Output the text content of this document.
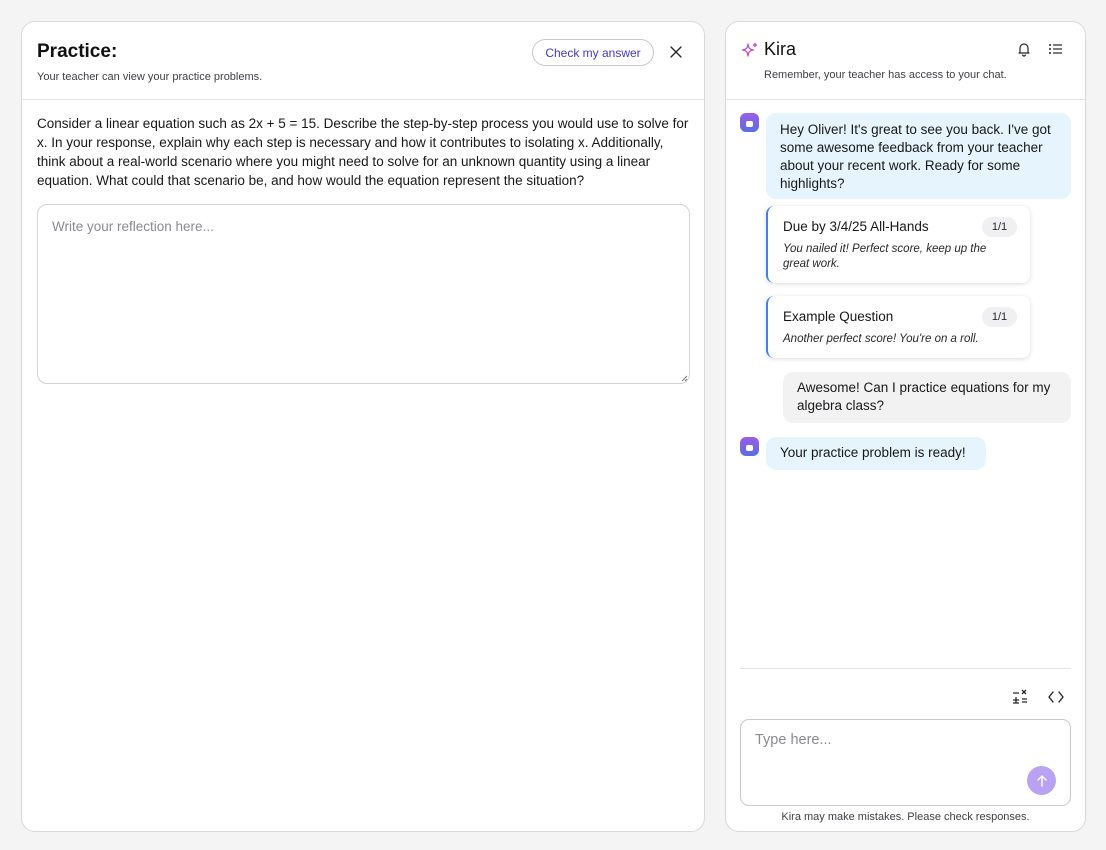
Practice:
Your teacher can view your practice problems.
Check my answer
Consider a linear equation such as 2x + 5 = 15. Describe the step-by-step process you would use to solve for x. In your response, explain why each step is necessary and how it contributes to isolating x. Additionally, think about a real-world scenario where you might need to solve for an unknown quantity using a linear equation. What could that scenario be, and how would the equation represent the situation?
Write your reflection here...
Kira
Remember, your teacher has access to your chat.
Hey Oliver! It's great to see you back. I've got some awesome feedback from your teacher about your recent work. Ready for some highlights?
Due by 3/4/25 All-Hands	1/1
You nailed it! Perfect score, keep up the great work.
Example Question	1/1
Another perfect score! You're on a roll.
Awesome! Can I practice equations for my algebra class?
Your practice problem is ready!
Type here...
Kira may make mistakes. Please check responses.
